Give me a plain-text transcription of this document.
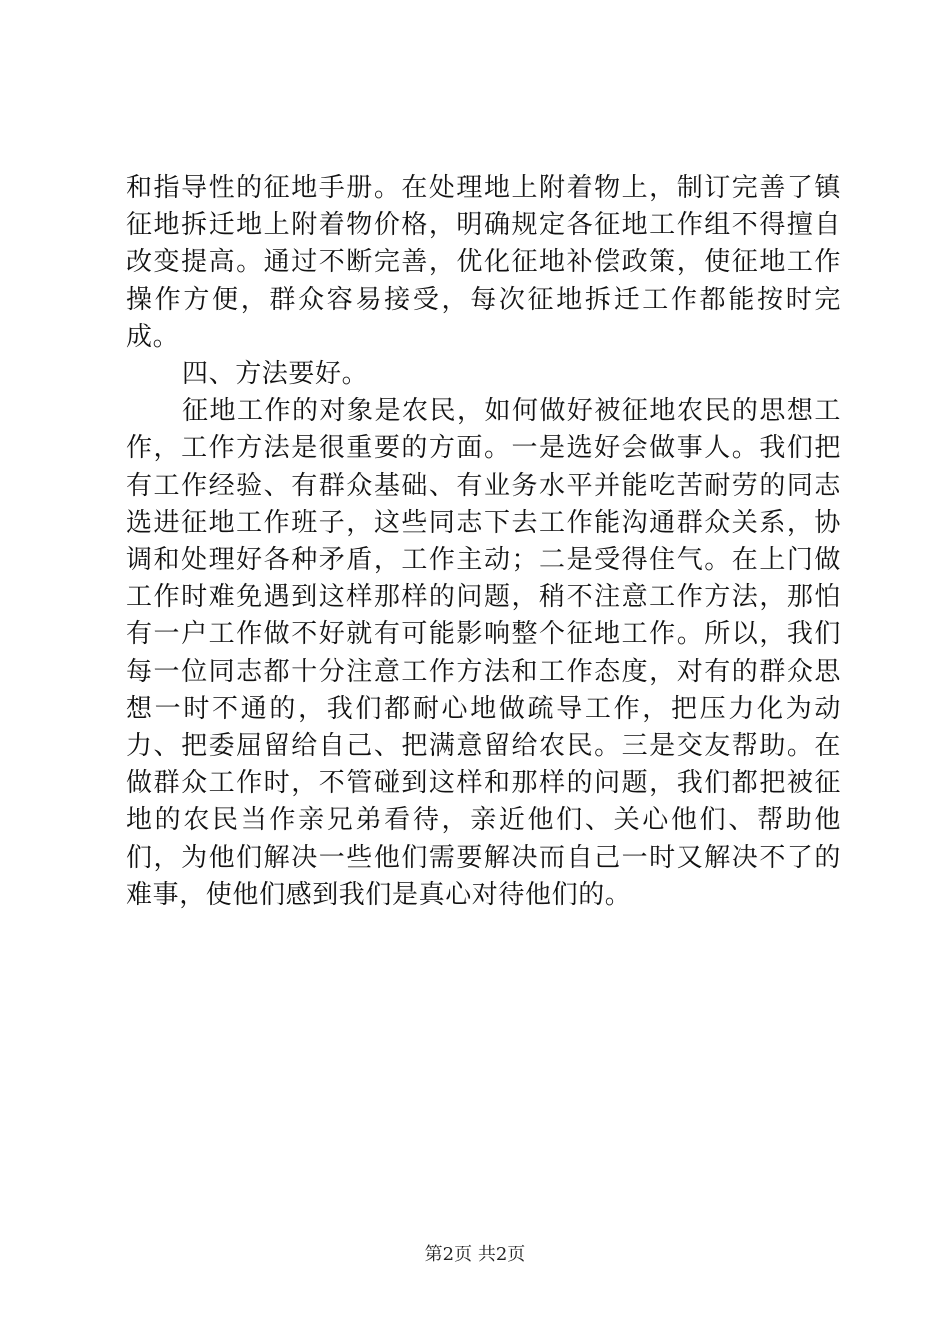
和指导性的征地手册。在处理地上附着物上，制订完善了镇征地拆迁地上附着物价格，明确规定各征地工作组不得擅自改变提高。通过不断完善，优化征地补偿政策，使征地工作操作方便，群众容易接受，每次征地拆迁工作都能按时完成。

四、方法要好。

征地工作的对象是农民，如何做好被征地农民的思想工作，工作方法是很重要的方面。一是选好会做事人。我们把有工作经验、有群众基础、有业务水平并能吃苦耐劳的同志选进征地工作班子，这些同志下去工作能沟通群众关系，协调和处理好各种矛盾，工作主动；二是受得住气。在上门做工作时难免遇到这样那样的问题，稍不注意工作方法，那怕有一户工作做不好就有可能影响整个征地工作。所以，我们每一位同志都十分注意工作方法和工作态度，对有的群众思想一时不通的，我们都耐心地做疏导工作，把压力化为动力、把委屈留给自己、把满意留给农民。三是交友帮助。在做群众工作时，不管碰到这样和那样的问题，我们都把被征地的农民当作亲兄弟看待，亲近他们、关心他们、帮助他们，为他们解决一些他们需要解决而自己一时又解决不了的难事，使他们感到我们是真心对待他们的。

第2页 共2页
